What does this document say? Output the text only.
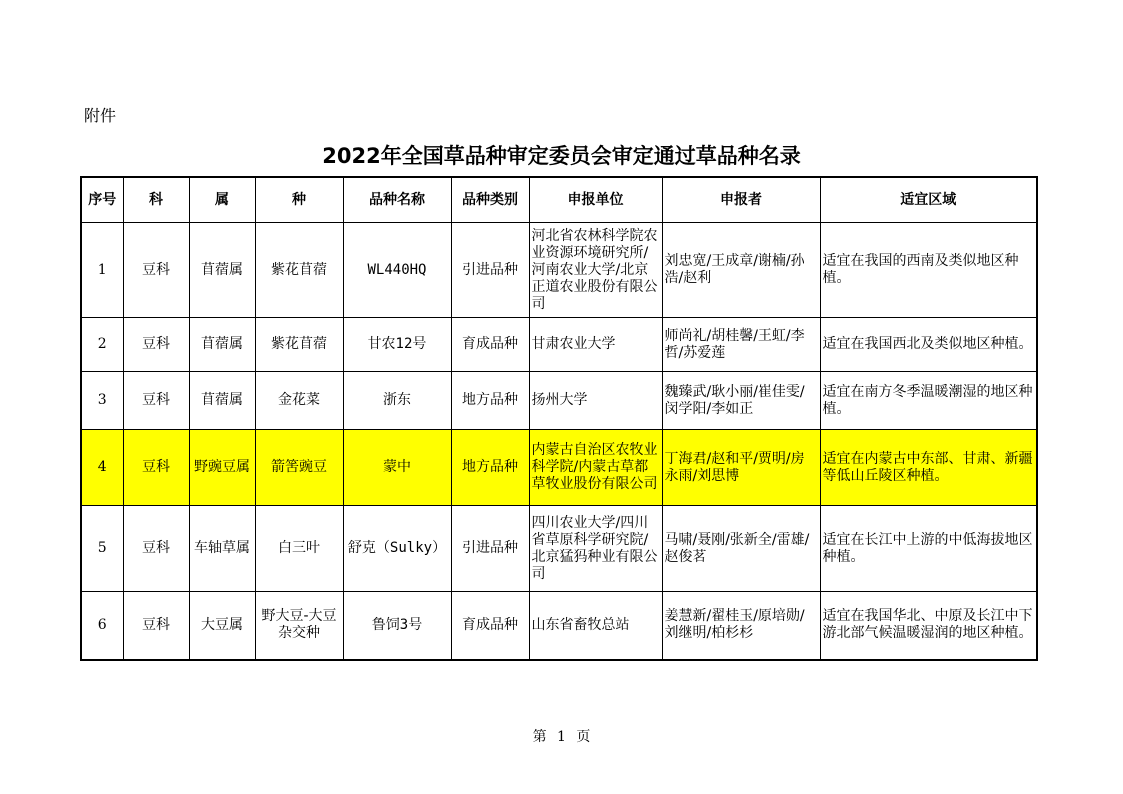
附件
2022年全国草品种审定委员会审定通过草品种名录
序号	科	属	种	品种名称	品种类别	申报单位	申报者	适宜区域
1	豆科	苜蓿属	紫花苜蓿	WL440HQ	引进品种	河北省农林科学院农业资源环境研究所/河南农业大学/北京正道农业股份有限公司	刘忠宽/王成章/谢楠/孙浩/赵利	适宜在我国的西南及类似地区种植。
2	豆科	苜蓿属	紫花苜蓿	甘农12号	育成品种	甘肃农业大学	师尚礼/胡桂馨/王虹/李哲/苏爱莲	适宜在我国西北及类似地区种植。
3	豆科	苜蓿属	金花菜	浙东	地方品种	扬州大学	魏臻武/耿小丽/崔佳雯/闵学阳/李如正	适宜在南方冬季温暖潮湿的地区种植。
4	豆科	野豌豆属	箭筈豌豆	蒙中	地方品种	内蒙古自治区农牧业科学院/内蒙古草都草牧业股份有限公司	丁海君/赵和平/贾明/房永雨/刘思博	适宜在内蒙古中东部、甘肃、新疆等低山丘陵区种植。
5	豆科	车轴草属	白三叶	舒克（Sulky）	引进品种	四川农业大学/四川省草原科学研究院/北京猛犸种业有限公司	马啸/聂刚/张新全/雷雄/赵俊茗	适宜在长江中上游的中低海拔地区种植。
6	豆科	大豆属	野大豆-大豆杂交种	鲁饲3号	育成品种	山东省畜牧总站	姜慧新/翟桂玉/原培勋/刘继明/柏杉杉	适宜在我国华北、中原及长江中下游北部气候温暖湿润的地区种植。
第 1 页
